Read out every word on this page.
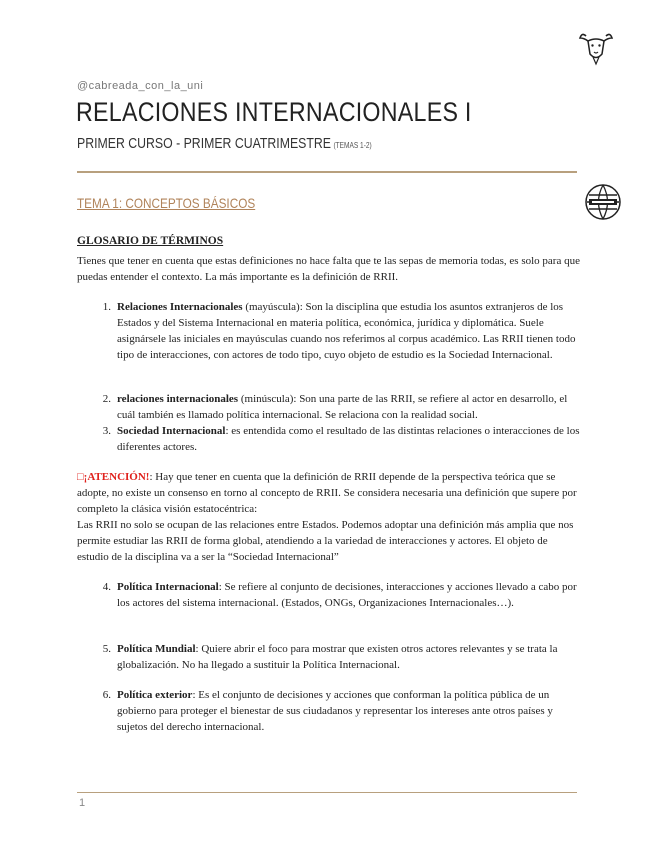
@cabreada_con_la_uni
RELACIONES INTERNACIONALES I
PRIMER CURSO - PRIMER CUATRIMESTRE (TEMAS 1-2)
TEMA 1: CONCEPTOS BÁSICOS
GLOSARIO DE TÉRMINOS
Tienes que tener en cuenta que estas definiciones no hace falta que te las sepas de memoria todas, es solo para que puedas entender el contexto. La más importante es la definición de RRII.
1. Relaciones Internacionales (mayúscula): Son la disciplina que estudia los asuntos extranjeros de los Estados y del Sistema Internacional en materia política, económica, jurídica y diplomática. Suele asignársele las iniciales en mayúsculas cuando nos referimos al corpus académico. Las RRII tienen todo tipo de interacciones, con actores de todo tipo, cuyo objeto de estudio es la Sociedad Internacional.
2. relaciones internacionales (minúscula): Son una parte de las RRII, se refiere al actor en desarrollo, el cuál también es llamado política internacional. Se relaciona con la realidad social.
3. Sociedad Internacional: es entendida como el resultado de las distintas relaciones o interacciones de los diferentes actores.
□¡ATENCIÓN!: Hay que tener en cuenta que la definición de RRII depende de la perspectiva teórica que se adopte, no existe un consenso en torno al concepto de RRII. Se considera necesaria una definición que supere por completo la clásica visión estatocéntrica:
Las RRII no solo se ocupan de las relaciones entre Estados. Podemos adoptar una definición más amplia que nos permite estudiar las RRII de forma global, atendiendo a la variedad de interacciones y actores. El objeto de estudio de la disciplina va a ser la “Sociedad Internacional”
4. Política Internacional: Se refiere al conjunto de decisiones, interacciones y acciones llevado a cabo por los actores del sistema internacional. (Estados, ONGs, Organizaciones Internacionales…).
5. Política Mundial: Quiere abrir el foco para mostrar que existen otros actores relevantes y se trata la globalización. No ha llegado a sustituir la Política Internacional.
6. Política exterior: Es el conjunto de decisiones y acciones que conforman la política pública de un gobierno para proteger el bienestar de sus ciudadanos y representar los intereses ante otros países y sujetos del derecho internacional.
1
